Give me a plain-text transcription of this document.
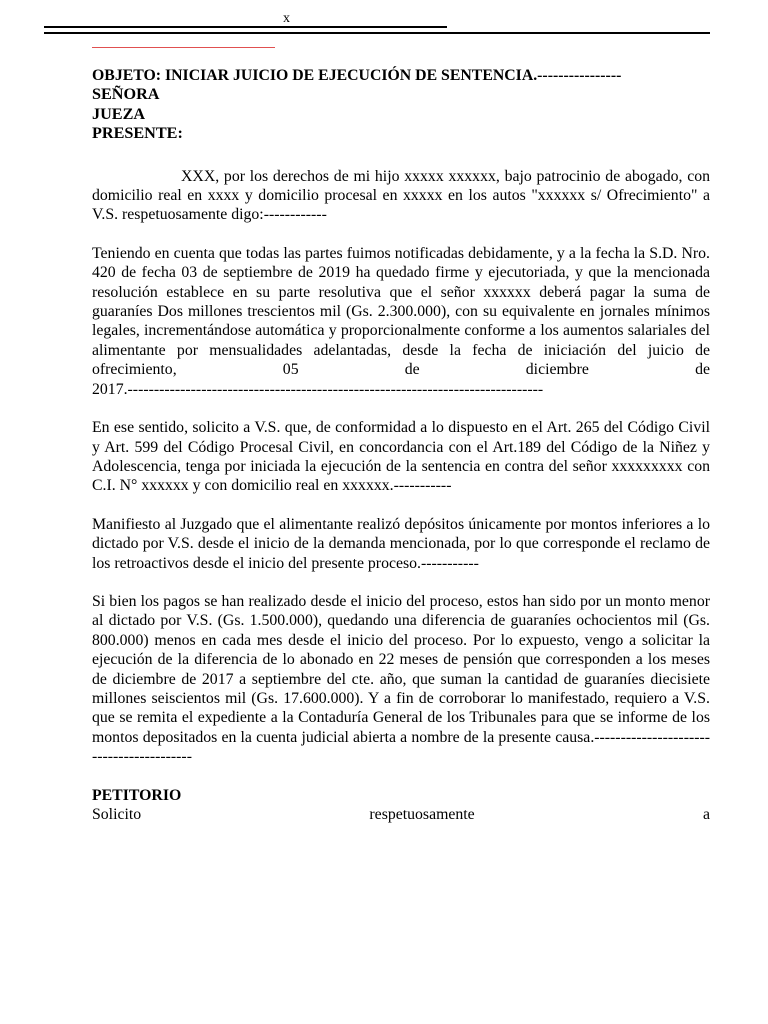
x

OBJETO: INICIAR JUICIO DE EJECUCIÓN DE SENTENCIA.----------------

SEÑORA
JUEZA
PRESENTE:

XXX, por los derechos de mi hijo xxxxx xxxxxx, bajo patrocinio de abogado, con domicilio real en xxxx y domicilio procesal en xxxxx en los autos "xxxxxx s/ Ofrecimiento" a V.S. respetuosamente digo:------------

Teniendo en cuenta que todas las partes fuimos notificadas debidamente, y a la fecha la S.D. Nro. 420 de fecha 03 de septiembre de 2019 ha quedado firme y ejecutoriada, y que la mencionada resolución establece en su parte resolutiva que el señor xxxxxx deberá pagar la suma de guaraníes Dos millones trescientos mil (Gs. 2.300.000), con su equivalente en jornales mínimos legales, incrementándose automática y proporcionalmente conforme a los aumentos salariales del alimentante por mensualidades adelantadas, desde la fecha de iniciación del juicio de ofrecimiento, 05 de diciembre de

2017.-------------------------------------------------------------------------------

En ese sentido, solicito a V.S. que, de conformidad a lo dispuesto en el Art. 265 del Código Civil y Art. 599 del Código Procesal Civil, en concordancia con el Art.189 del Código de la Niñez y Adolescencia, tenga por iniciada la ejecución de la sentencia en contra del señor xxxxxxxxx con C.I. N° xxxxxx y con domicilio real en xxxxxx.-----------

Manifiesto al Juzgado que el alimentante realizó depósitos únicamente por montos inferiores a lo dictado por V.S. desde el inicio de la demanda mencionada, por lo que corresponde el reclamo de los retroactivos desde el inicio del presente proceso.-----------

Si bien los pagos se han realizado desde el inicio del proceso, estos han sido por un monto menor al dictado por V.S. (Gs. 1.500.000), quedando una diferencia de guaraníes ochocientos mil (Gs. 800.000) menos en cada mes desde el inicio del proceso. Por lo expuesto, vengo a solicitar la ejecución de la diferencia de lo abonado en 22 meses de pensión que corresponden a los meses de diciembre de 2017 a septiembre del cte. año, que suman la cantidad de guaraníes diecisiete millones seiscientos mil (Gs. 17.600.000). Y a fin de corroborar lo manifestado, requiero a V.S. que se remita el expediente a la Contaduría General de los Tribunales para que se informe de los montos depositados en la cuenta judicial abierta a nombre de la presente causa.-----------------------------------------

PETITORIO

Solicito	respetuosamente	a
